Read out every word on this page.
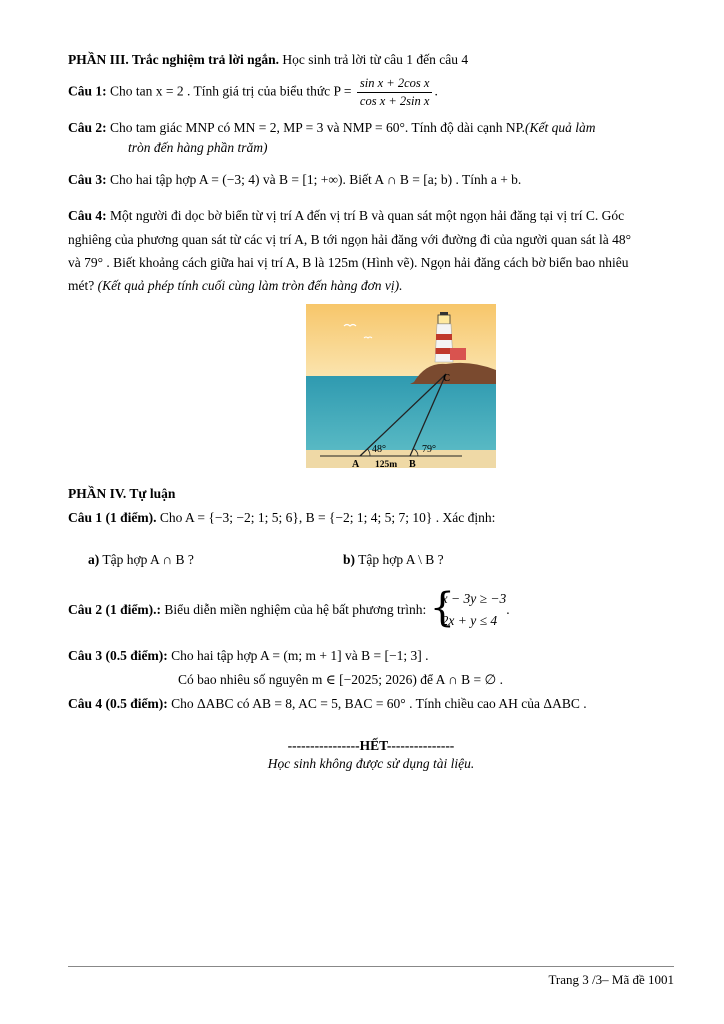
PHẦN III. Trắc nghiệm trả lời ngắn. Học sinh trả lời từ câu 1 đến câu 4
Câu 1: Cho tan x = 2 . Tính giá trị của biểu thức $P = \frac{\text{sin x + 2cos x}}{\text{cos x + 2sin x}}$ .
Câu 2: Cho tam giác MNP có MN = 2, MP = 3 và NMP = 60°. Tính độ dài cạnh NP.(Kết quả làm
tròn đến hàng phần trăm)
Câu 3: Cho hai tập hợp A = (−3; 4) và B = [1; +∞). Biết A ∩ B = [a; b) . Tính a + b.
Câu 4: Một người đi dọc bờ biển từ vị trí A đến vị trí B và quan sát một ngọn hải đăng tại vị trí C. Góc
nghiêng của phương quan sát từ các vị trí A, B tới ngọn hải đăng với đường đi của người quan sát là 48°
và 79° . Biết khoảng cách giữa hai vị trí A, B là 125m (Hình vẽ). Ngọn hải đăng cách bờ biển bao nhiêu
mét? (Kết quả phép tính cuối cùng làm tròn đến hàng đơn vị).
C
A	B
48°	79°
125m
PHẦN IV. Tự luận
Câu 1 (1 điểm). Cho A = {−3; −2; 1; 5; 6}, B = {−2; 1; 4; 5; 7; 10} . Xác định:
a) Tập hợp A ∩ B ?	b) Tập hợp A \ B ?
Câu 2 (1 điểm).: Biểu diễn miền nghiệm của hệ bất phương trình: {
x − 3y ≥ −3
2x + y ≤ 4
.
Câu 3 (0.5 điểm): Cho hai tập hợp A = (m; m + 1] và B = [−1; 3] .
Có bao nhiêu số nguyên m ∈ [−2025; 2026) để A ∩ B = ∅ .
Câu 4 (0.5 điểm): Cho ΔABC có AB = 8, AC = 5, BAC = 60° . Tính chiều cao AH của ΔABC .
----------------HẾT---------------
Học sinh không được sử dụng tài liệu.
Trang 3 /3– Mã đề 1001
